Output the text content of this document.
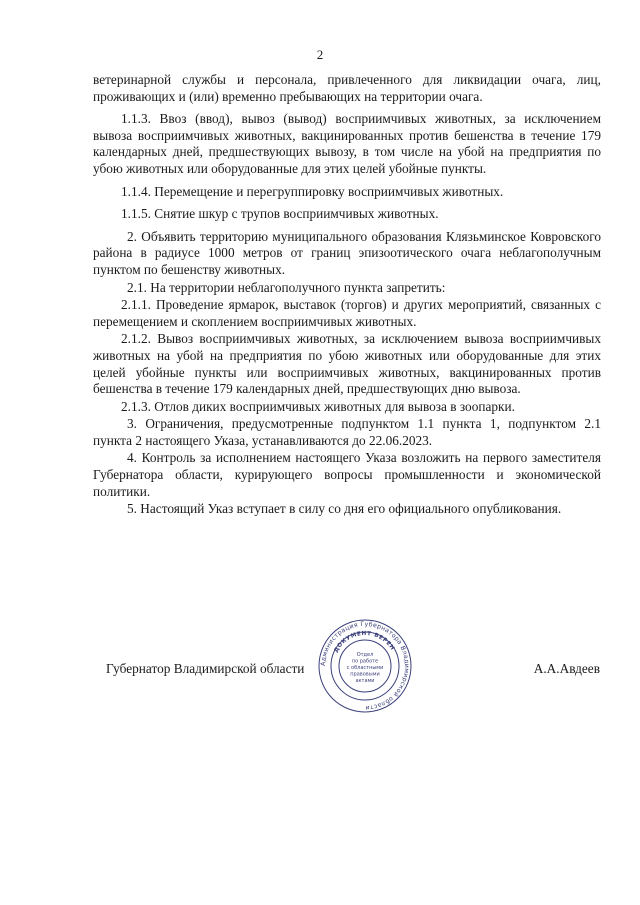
2

ветеринарной службы и персонала, привлеченного для ликвидации очага, лиц, проживающих и (или) временно пребывающих на территории очага.

1.1.3. Ввоз (ввод), вывоз (вывод) восприимчивых животных, за исключением вывоза восприимчивых животных, вакцинированных против бешенства в течение 179 календарных дней, предшествующих вывозу, в том числе на убой на предприятия по убою животных или оборудованные для этих целей убойные пункты.

1.1.4. Перемещение и перегруппировку восприимчивых животных.

1.1.5. Снятие шкур с трупов восприимчивых животных.

2. Объявить территорию муниципального образования Клязьминское Ковровского района в радиусе 1000 метров от границ эпизоотического очага неблагополучным пунктом по бешенству животных.

2.1. На территории неблагополучного пункта запретить:

2.1.1. Проведение ярмарок, выставок (торгов) и других мероприятий, связанных с перемещением и скоплением восприимчивых животных.

2.1.2. Вывоз восприимчивых животных, за исключением вывоза восприимчивых животных на убой на предприятия по убою животных или оборудованные для этих целей убойные пункты или восприимчивых животных, вакцинированных против бешенства в течение 179 календарных дней, предшествующих дню вывоза.

2.1.3. Отлов диких восприимчивых животных для вывоза в зоопарки.

3. Ограничения, предусмотренные подпунктом 1.1 пункта 1, подпунктом 2.1 пункта 2 настоящего Указа, устанавливаются до 22.06.2023.

4. Контроль за исполнением настоящего Указа возложить на первого заместителя Губернатора области, курирующего вопросы промышленности и экономической политики.

5. Настоящий Указ вступает в силу со дня его официального опубликования.

Губернатор Владимирской области	А.А.Авдеев
Администрация Губернатора Владимирской области
ДОКУМЕНТ ВЕРЕН
Отдел
по работе
с областными
правовыми
актами
